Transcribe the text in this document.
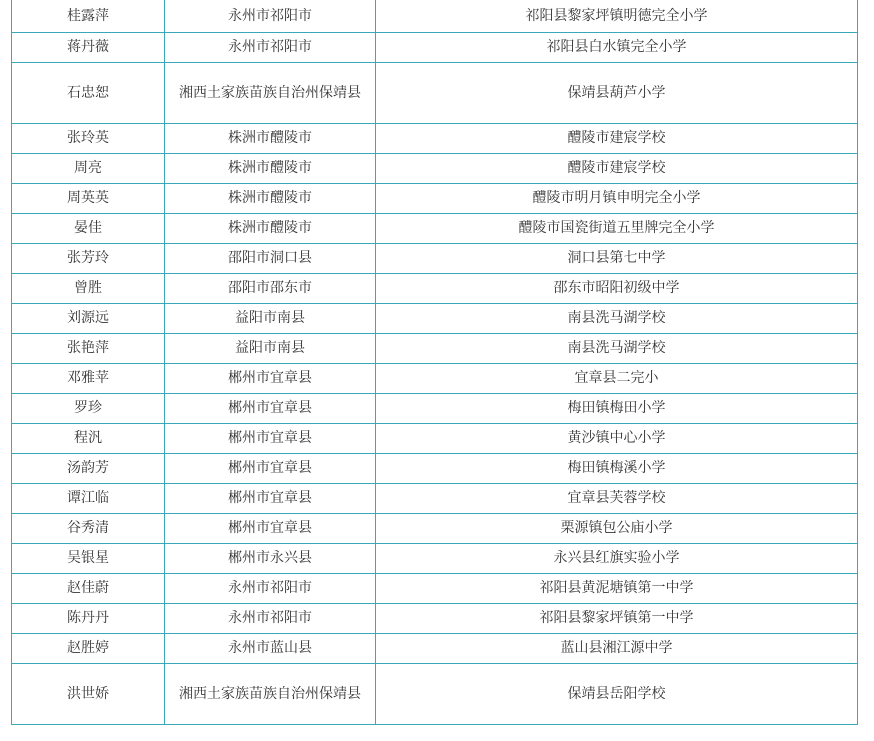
桂露萍	永州市祁阳市	祁阳县黎家坪镇明德完全小学
蒋丹薇	永州市祁阳市	祁阳县白水镇完全小学
石忠恕	湘西土家族苗族自治州保靖县	保靖县葫芦小学
张玲英	株洲市醴陵市	醴陵市建宸学校
周亮	株洲市醴陵市	醴陵市建宸学校
周英英	株洲市醴陵市	醴陵市明月镇申明完全小学
晏佳	株洲市醴陵市	醴陵市国瓷街道五里牌完全小学
张芳玲	邵阳市洞口县	洞口县第七中学
曾胜	邵阳市邵东市	邵东市昭阳初级中学
刘源远	益阳市南县	南县洗马湖学校
张艳萍	益阳市南县	南县洗马湖学校
邓雅苹	郴州市宜章县	宜章县二完小
罗珍	郴州市宜章县	梅田镇梅田小学
程汎	郴州市宜章县	黄沙镇中心小学
汤韵芳	郴州市宜章县	梅田镇梅溪小学
谭江临	郴州市宜章县	宜章县芙蓉学校
谷秀清	郴州市宜章县	栗源镇包公庙小学
吴银星	郴州市永兴县	永兴县红旗实验小学
赵佳蔚	永州市祁阳市	祁阳县黄泥塘镇第一中学
陈丹丹	永州市祁阳市	祁阳县黎家坪镇第一中学
赵胜婷	永州市蓝山县	蓝山县湘江源中学
洪世娇	湘西土家族苗族自治州保靖县	保靖县岳阳学校
